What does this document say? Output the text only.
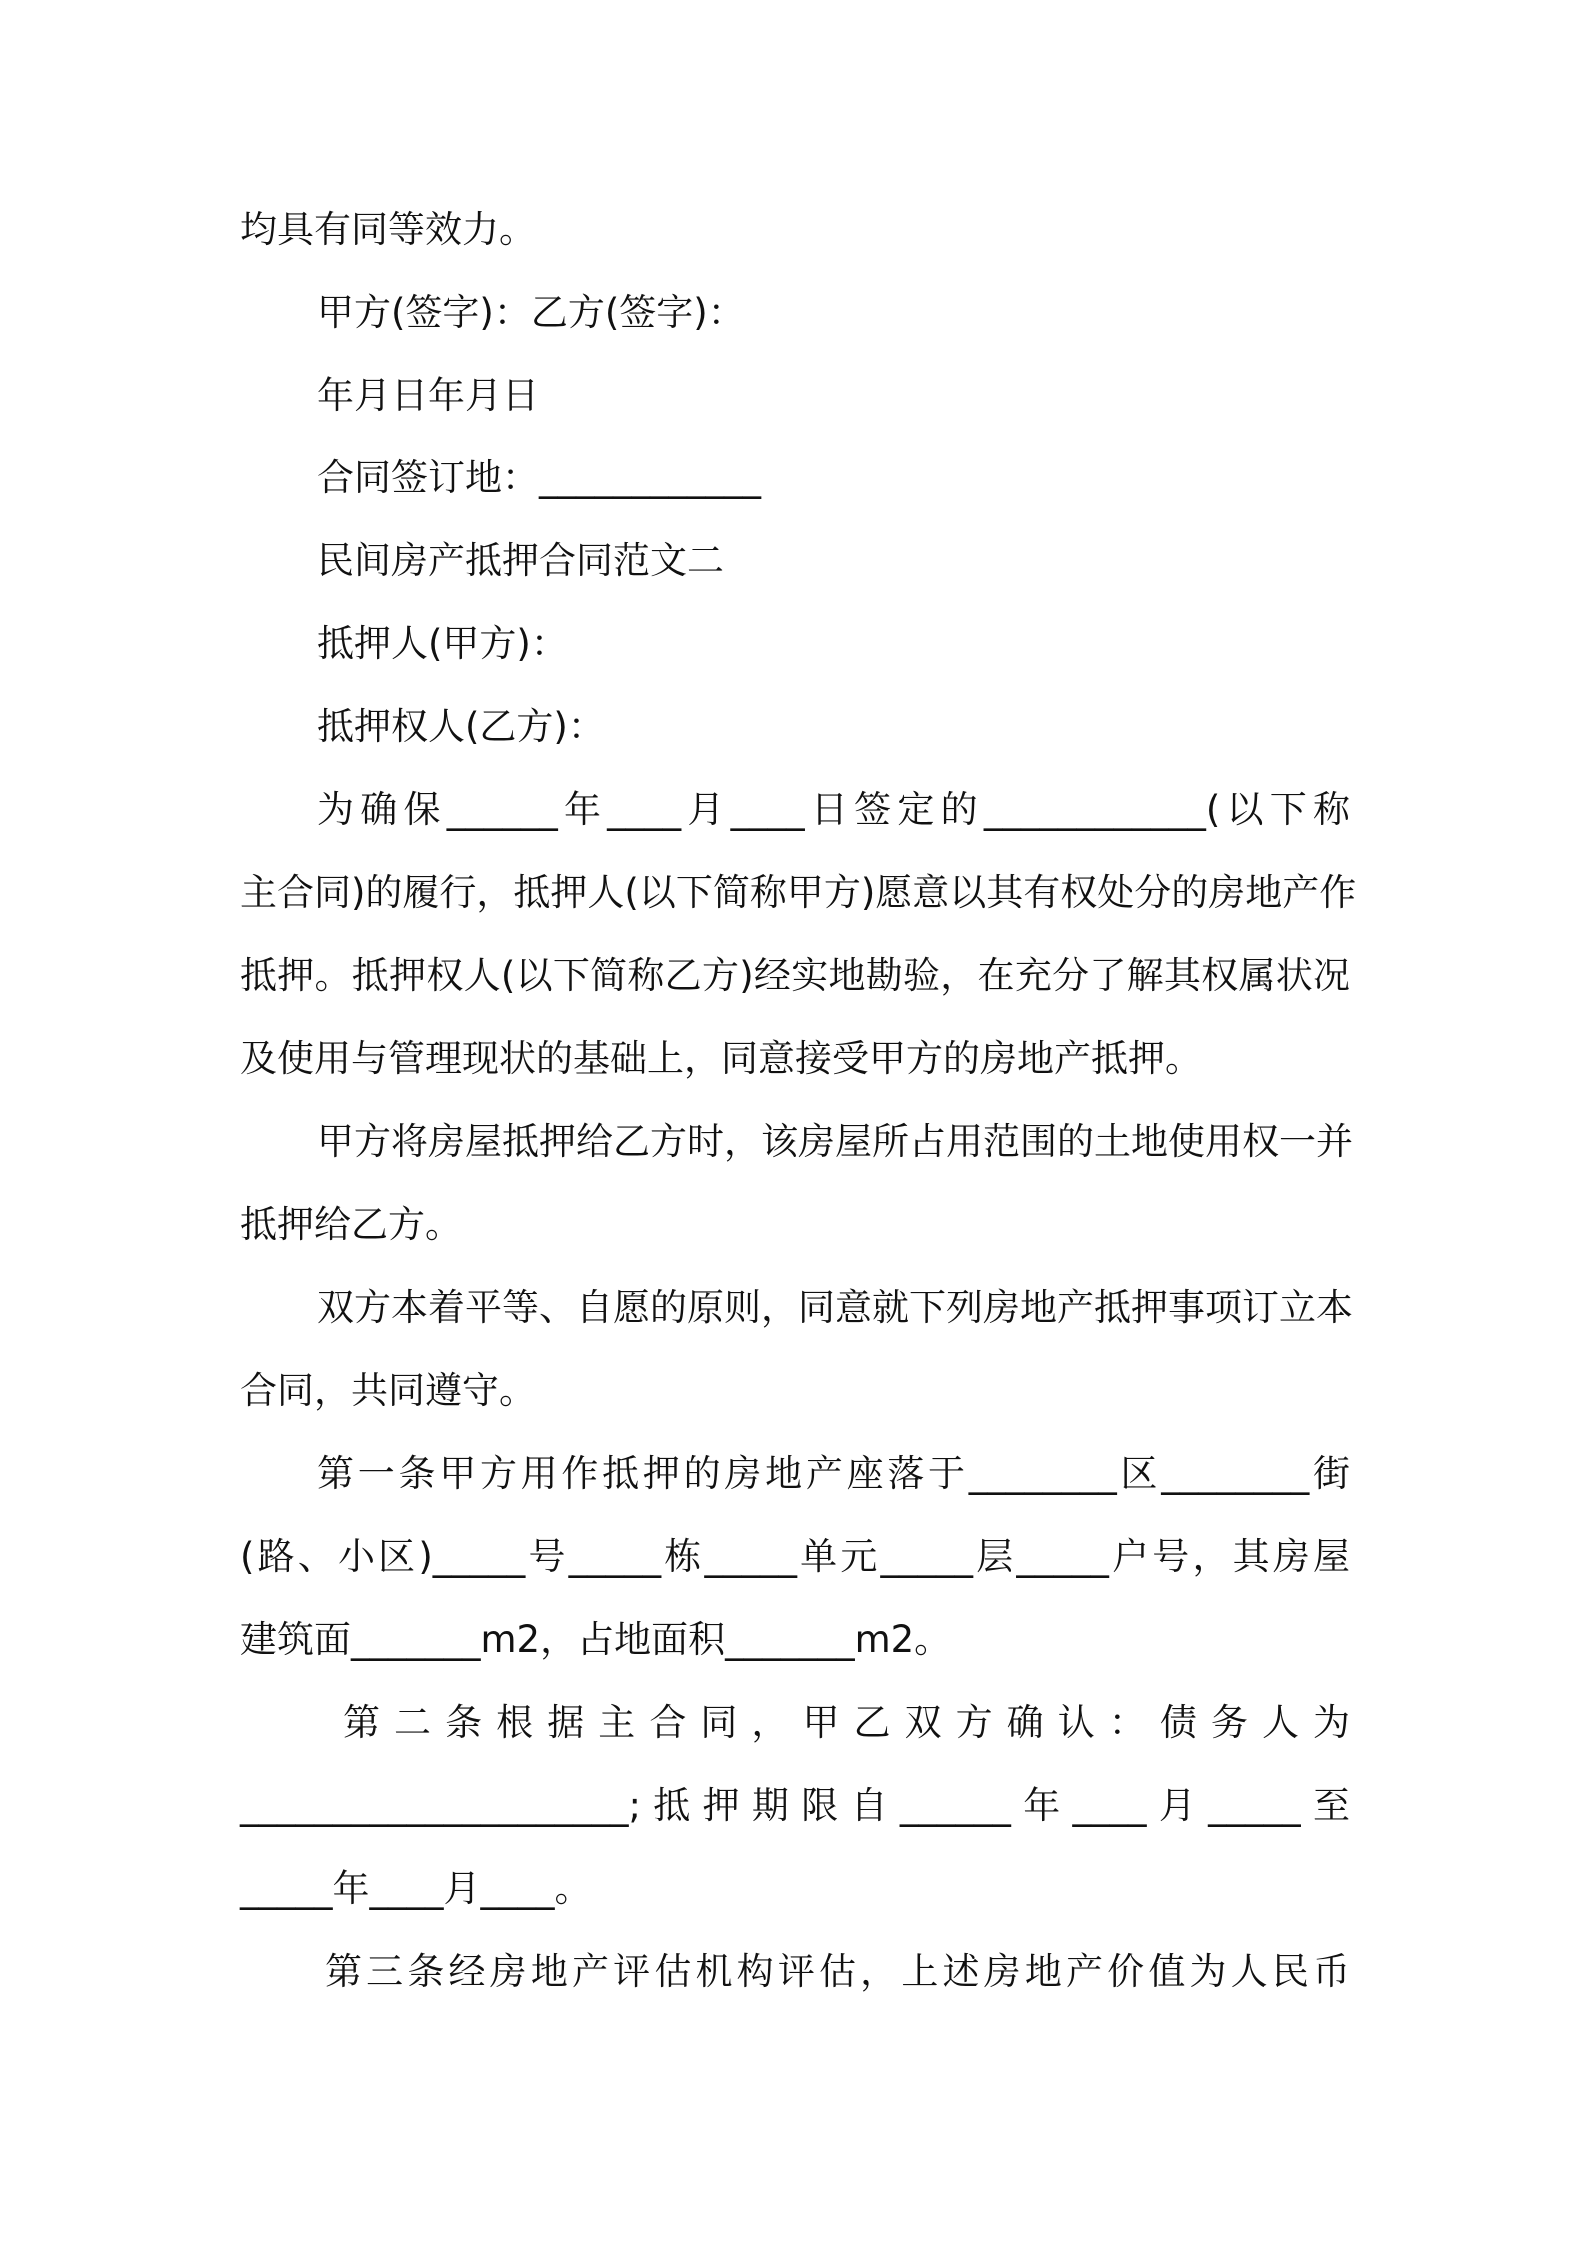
均具有同等效力。
甲方(签字)：乙方(签字)：
年月日年月日
合同签订地：____________
民间房产抵押合同范文二
抵押人(甲方)：
抵押权人(乙方)：
为确保______年____月____日签定的____________(以下称
主合同)的履行，抵押人(以下简称甲方)愿意以其有权处分的房地产作
抵押。抵押权人(以下简称乙方)经实地勘验，在充分了解其权属状况
及使用与管理现状的基础上，同意接受甲方的房地产抵押。
甲方将房屋抵押给乙方时，该房屋所占用范围的土地使用权一并
抵押给乙方。
双方本着平等、自愿的原则，同意就下列房地产抵押事项订立本
合同，共同遵守。
第一条甲方用作抵押的房地产座落于________区________街
(路、小区)_____号_____栋_____单元_____层_____户号，其房屋
建筑面_______m2，占地面积_______m2。
第二条根据主合同，甲乙双方确认：债务人为
_____________________;抵押期限自______年____月_____至
_____年____月____。
第三条经房地产评估机构评估，上述房地产价值为人民币
